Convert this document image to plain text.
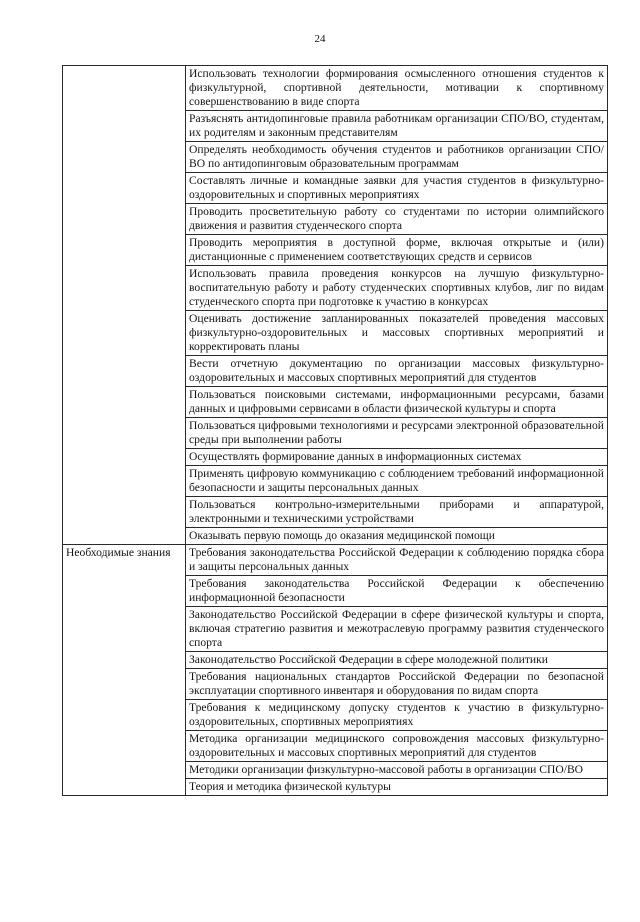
24
	Использовать технологии формирования осмысленного отношения студентов к физкультурной, спортивной деятельности, мотивации к спортивному совершенствованию в виде спорта
	Разъяснять антидопинговые правила работникам организации СПО/ВО, студентам, их родителям и законным представителям
	Определять необходимость обучения студентов и работников организации СПО/ВО по антидопинговым образовательным программам
	Составлять личные и командные заявки для участия студентов в физкультурно-оздоровительных и спортивных мероприятиях
	Проводить просветительную работу со студентами по истории олимпийского движения и развития студенческого спорта
	Проводить мероприятия в доступной форме, включая открытые и (или) дистанционные с применением соответствующих средств и сервисов
	Использовать правила проведения конкурсов на лучшую физкультурно-воспитательную работу и работу студенческих спортивных клубов, лиг по видам студенческого спорта при подготовке к участию в конкурсах
	Оценивать достижение запланированных показателей проведения массовых физкультурно-оздоровительных и массовых спортивных мероприятий и корректировать планы
	Вести отчетную документацию по организации массовых физкультурно-оздоровительных и массовых спортивных мероприятий для студентов
	Пользоваться поисковыми системами, информационными ресурсами, базами данных и цифровыми сервисами в области физической культуры и спорта
	Пользоваться цифровыми технологиями и ресурсами электронной образовательной среды при выполнении работы
	Осуществлять формирование данных в информационных системах
	Применять цифровую коммуникацию с соблюдением требований информационной безопасности и защиты персональных данных
	Пользоваться контрольно-измерительными приборами и аппаратурой, электронными и техническими устройствами
	Оказывать первую помощь до оказания медицинской помощи
Необходимые знания	Требования законодательства Российской Федерации к соблюдению порядка сбора и защиты персональных данных
	Требования законодательства Российской Федерации к обеспечению информационной безопасности
	Законодательство Российской Федерации в сфере физической культуры и спорта, включая стратегию развития и межотраслевую программу развития студенческого спорта
	Законодательство Российской Федерации в сфере молодежной политики
	Требования национальных стандартов Российской Федерации по безопасной эксплуатации спортивного инвентаря и оборудования по видам спорта
	Требования к медицинскому допуску студентов к участию в физкультурно-оздоровительных, спортивных мероприятиях
	Методика организации медицинского сопровождения массовых физкультурно-оздоровительных и массовых спортивных мероприятий для студентов
	Методики организации физкультурно-массовой работы в организации СПО/ВО
	Теория и методика физической культуры
